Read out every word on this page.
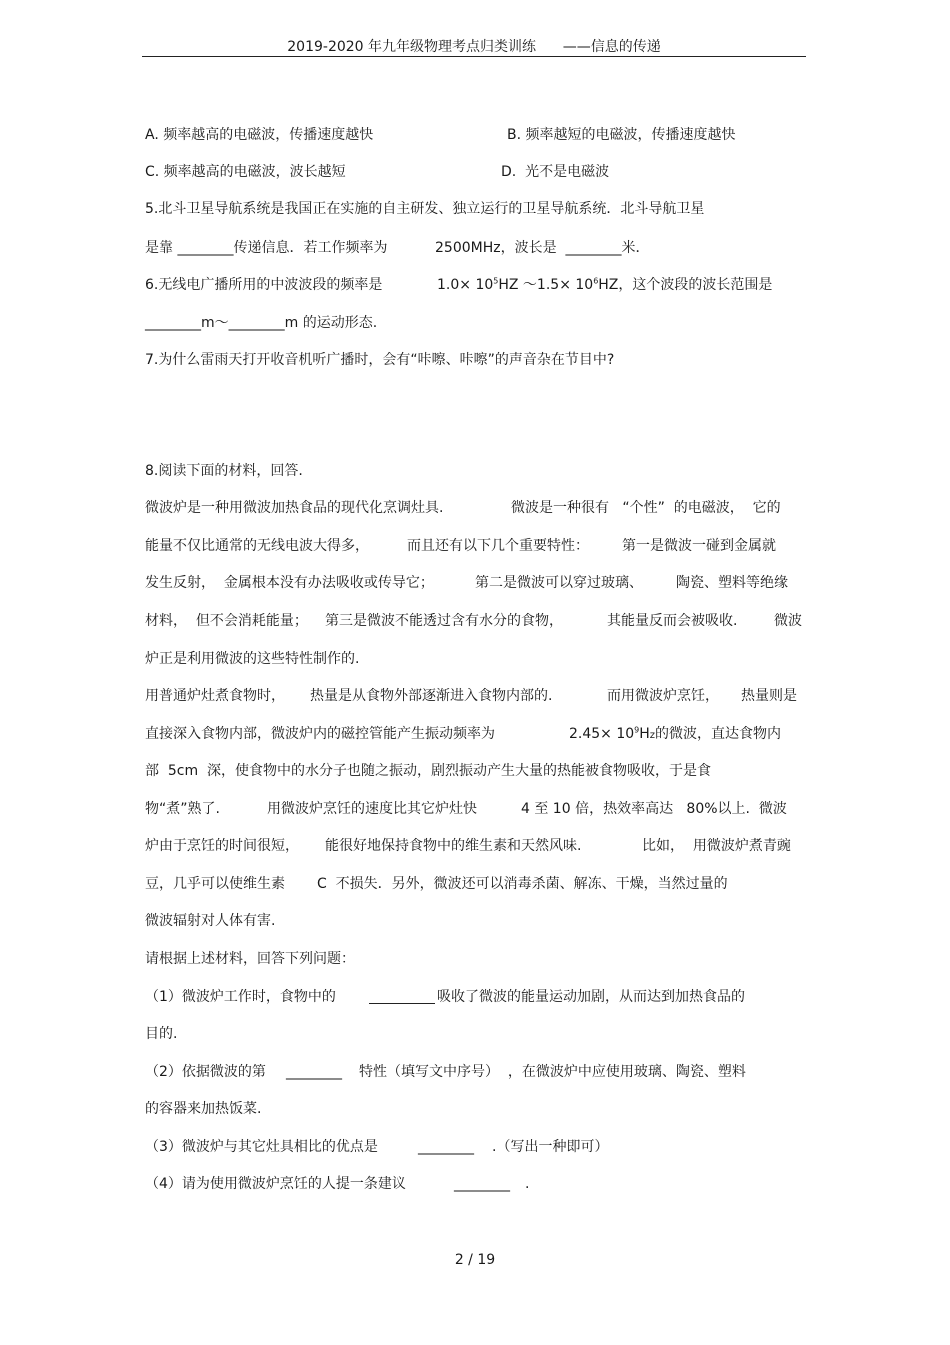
2019-2020 年九年级物理考点归类训练      ——信息的传递

A. 频率越高的电磁波，传播速度越快

	B. 频率越短的电磁波，传播速度越快

C. 频率越高的电磁波，波长越短

	D.  光不是电磁波

5.北斗卫星导航系统是我国正在实施的自主研发、独立运行的卫星导航系统．北斗导航卫星

是靠 ________传递信息．若工作频率为

	2500MHz，波长是  ________米．

6.无线电广播所用的中波波段的频率是

	$1.0\times 10^5HZ$ ～1.5× $10^6HZ$，这个波段的波长范围是

________m～________m 的运动形态.
7.为什么雷雨天打开收音机听广播时，会有“咔嚓、咔嚓”的声音杂在节目中?
8.阅读下面的材料，回答.

微波炉是一种用微波加热食品的现代化烹调灶具.

	微波是一种很有   “个性”  的电磁波，  它的

能量不仅比通常的无线电波大得多，

	而且还有以下几个重要特性：

第一是微波一碰到金属就

发生反射，  金属根本没有办法吸收或传导它；

	第二是微波可以穿过玻璃、

陶瓷、塑料等绝缘

材料，  但不会消耗能量；

第三是微波不能透过含有水分的食物，

	其能量反而会被吸收.

	微波

炉正是利用微波的这些特性制作的.

用普通炉灶煮食物时，

热量是从食物外部逐渐进入食物内部的.

	而用微波炉烹饪，

热量则是

直接深入食物内部，微波炉内的磁控管能产生振动频率为

	$2.45\times 10^9Hz$的微波，直达食物内

部  5cm  深，使食物中的水分子也随之振动，剧烈振动产生大量的热能被食物吸收，于是食

物“煮”熟了.

	用微波炉烹饪的速度比其它炉灶快

	4 至 10 倍，热效率高达   80%以上.  微波

炉由于烹饪的时间很短，

能很好地保持食物中的维生素和天然风味.

	比如，  用微波炉煮青豌

豆，几乎可以使维生素

C  不损失．另外，微波还可以消毒杀菌、解冻、干燥，当然过量的

微波辐射对人体有害.
请根据上述材料，回答下列问题：

（1）微波炉工作时，食物中的

	吸收了微波的能量运动加剧，从而达到加热食品的

目的.

（2）依据微波的第

________

特性（填写文中序号）  ，在微波炉中应使用玻璃、陶瓷、塑料

的容器来加热饭菜.

（3）微波炉与其它灶具相比的优点是

	________

.（写出一种即可）

（4）请为使用微波炉烹饪的人提一条建议

	________

.

2 / 19
